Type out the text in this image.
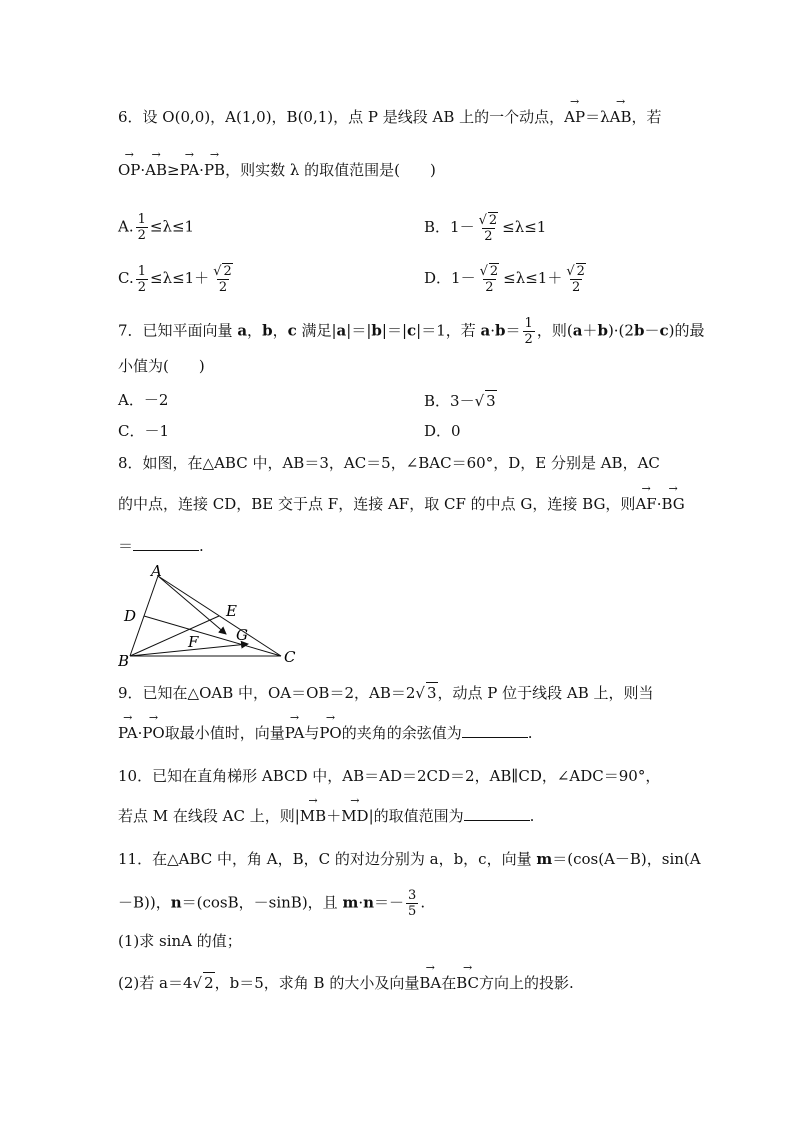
6．设 O(0,0)，A(1,0)，B(0,1)，点 P 是线段 AB 上的一个动点，→ AP＝λ→ AB，若
→ OP·→ AB≥→ PA·→ PB，则实数 λ 的取值范围是(　　)
A. $\frac{1}{2} \le\lambda\le 1$	B．$1- \frac{√ 2}{2} \le\lambda\le 1$
C. $\frac{1}{2} \le\lambda\le 1+ \frac{√ 2}{2}$	D．$1- \frac{√ 2}{2} \le\lambda\le 1+ \frac{√ 2}{2}$
7．已知平面向量 a，b，c 满足|a|＝|b|＝|c|＝1，若 $a\cdot b= \frac{1}{2}$ ，则(a＋b)·(2b－c)的最
小值为(　　)
A．－2	B．3－√ 3
C．－1	D．0
8．如图，在△ABC 中，AB＝3，AC＝5，∠BAC＝60°，D，E 分别是 AB，AC
的中点，连接 CD，BE 交于点 F，连接 AF，取 CF 的中点 G，连接 BG，则→ AF·→ BG
＝	.
A
B	C
D	E
F	G
9．已知在△OAB 中，OA＝OB＝2，AB＝2√ 3，动点 P 位于线段 AB 上，则当
→ PA·→ PO取最小值时，向量→ PA与→ PO的夹角的余弦值为	.
10．已知在直角梯形 ABCD 中，AB＝AD＝2CD＝2，AB∥CD，∠ADC＝90°，
若点 M 在线段 AC 上，则|→ MB＋→ MD|的取值范围为	.
11．在△ABC 中，角 A，B，C 的对边分别为 a，b，c，向量 m＝(cos(A－B)，sin(A
－B))，n＝(cosB，－sinB)，且 $m\cdot n=- \frac{3}{5}$ .
(1)求 sinA 的值；
(2)若 a＝4√ 2，b＝5，求角 B 的大小及向量→ BA在→ BC方向上的投影.
